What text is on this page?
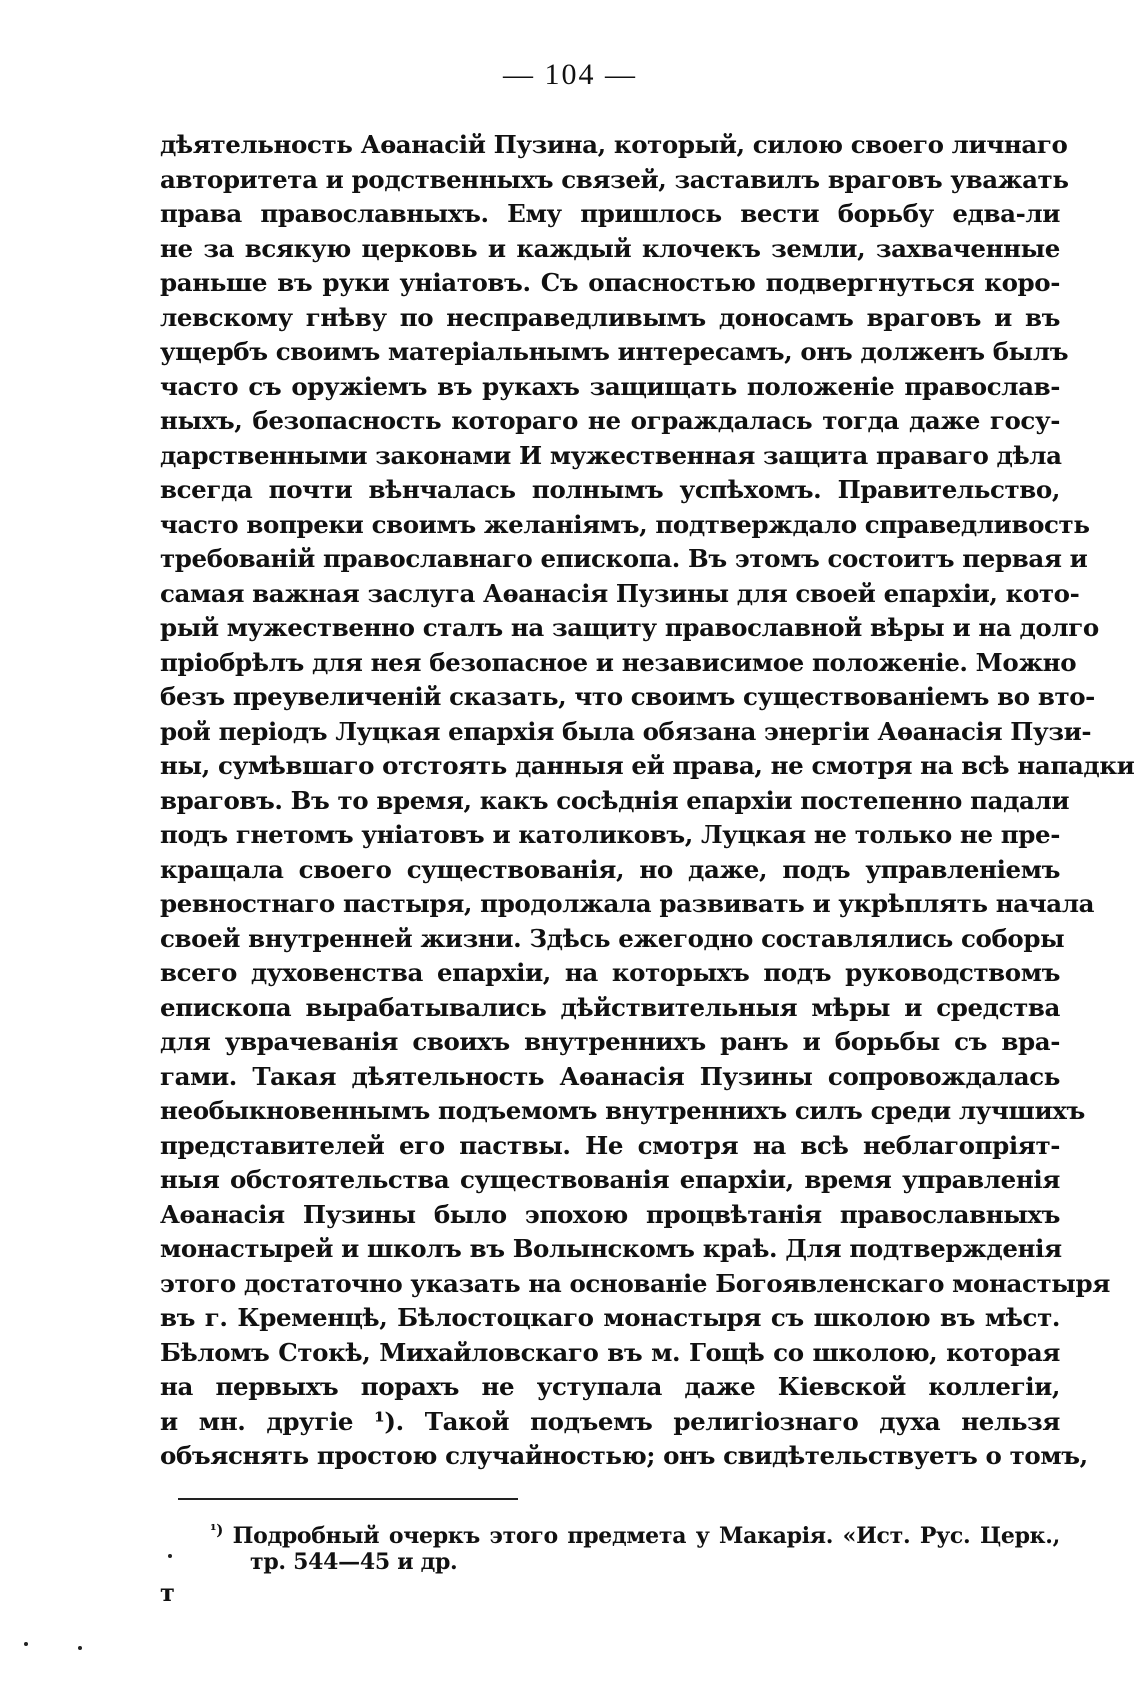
— 104 —
дѣятельность Аѳанасій Пузина, который, силою своего личнаго
авторитета и родственныхъ связей, заставилъ враговъ уважать
права православныхъ. Ему пришлось вести борьбу едва-ли
не за всякую церковь и каждый клочекъ земли, захваченные
раньше въ руки уніатовъ. Съ опасностью подвергнуться коро-
левскому гнѣву по несправедливымъ доносамъ враговъ и въ
ущербъ своимъ матеріальнымъ интересамъ, онъ долженъ былъ
часто съ оружіемъ въ рукахъ защищать положеніе православ-
ныхъ, безопасность котораго не ограждалась тогда даже госу-
дарственными законами И мужественная защита праваго дѣла
всегда почти вѣнчалась полнымъ успѣхомъ. Правительство,
часто вопреки своимъ желаніямъ, подтверждало справедливость
требованій православнаго епископа. Въ этомъ состоитъ первая и
самая важная заслуга Аѳанасія Пузины для своей епархіи, кото-
рый мужественно сталъ на защиту православной вѣры и на долго
пріобрѣлъ для нея безопасное и независимое положеніе. Можно
безъ преувеличеній сказать, что своимъ существованіемъ во вто-
рой періодъ Луцкая епархія была обязана энергіи Аѳанасія Пузи-
ны, сумѣвшаго отстоять данныя ей права, не смотря на всѣ нападки
враговъ. Въ то время, какъ сосѣднія епархіи постепенно падали
подъ гнетомъ уніатовъ и католиковъ, Луцкая не только не пре-
кращала своего существованія, но даже, подъ управленіемъ
ревностнаго пастыря, продолжала развивать и укрѣплять начала
своей внутренней жизни. Здѣсь ежегодно составлялись соборы
всего духовенства епархіи, на которыхъ подъ руководствомъ
епископа вырабатывались дѣйствительныя мѣры и средства
для уврачеванія своихъ внутреннихъ ранъ и борьбы съ вра-
гами. Такая дѣятельность Аѳанасія Пузины сопровождалась
необыкновеннымъ подъемомъ внутреннихъ силъ среди лучшихъ
представителей его паствы. Не смотря на всѣ неблагопріят-
ныя обстоятельства существованія епархіи, время управленія
Аѳанасія Пузины было эпохою процвѣтанія православныхъ
монастырей и школъ въ Волынскомъ краѣ. Для подтвержденія
этого достаточно указать на основаніе Богоявленскаго монастыря
въ г. Кременцѣ, Бѣлостоцкаго монастыря съ школою въ мѣст.
Бѣломъ Стокѣ, Михайловскаго въ м. Гощѣ со школою, которая
на первыхъ порахъ не уступала даже Кіевской коллегіи,
и мн. другіе ¹). Такой подъемъ религіознаго духа нельзя
объяснять простою случайностью; онъ свидѣтельствуетъ о томъ,
$^{^1)}$ Подробный очеркъ этого предмета у Макарія. «Ист. Рус. Церк.,
тр. 544—45 и др.
т
